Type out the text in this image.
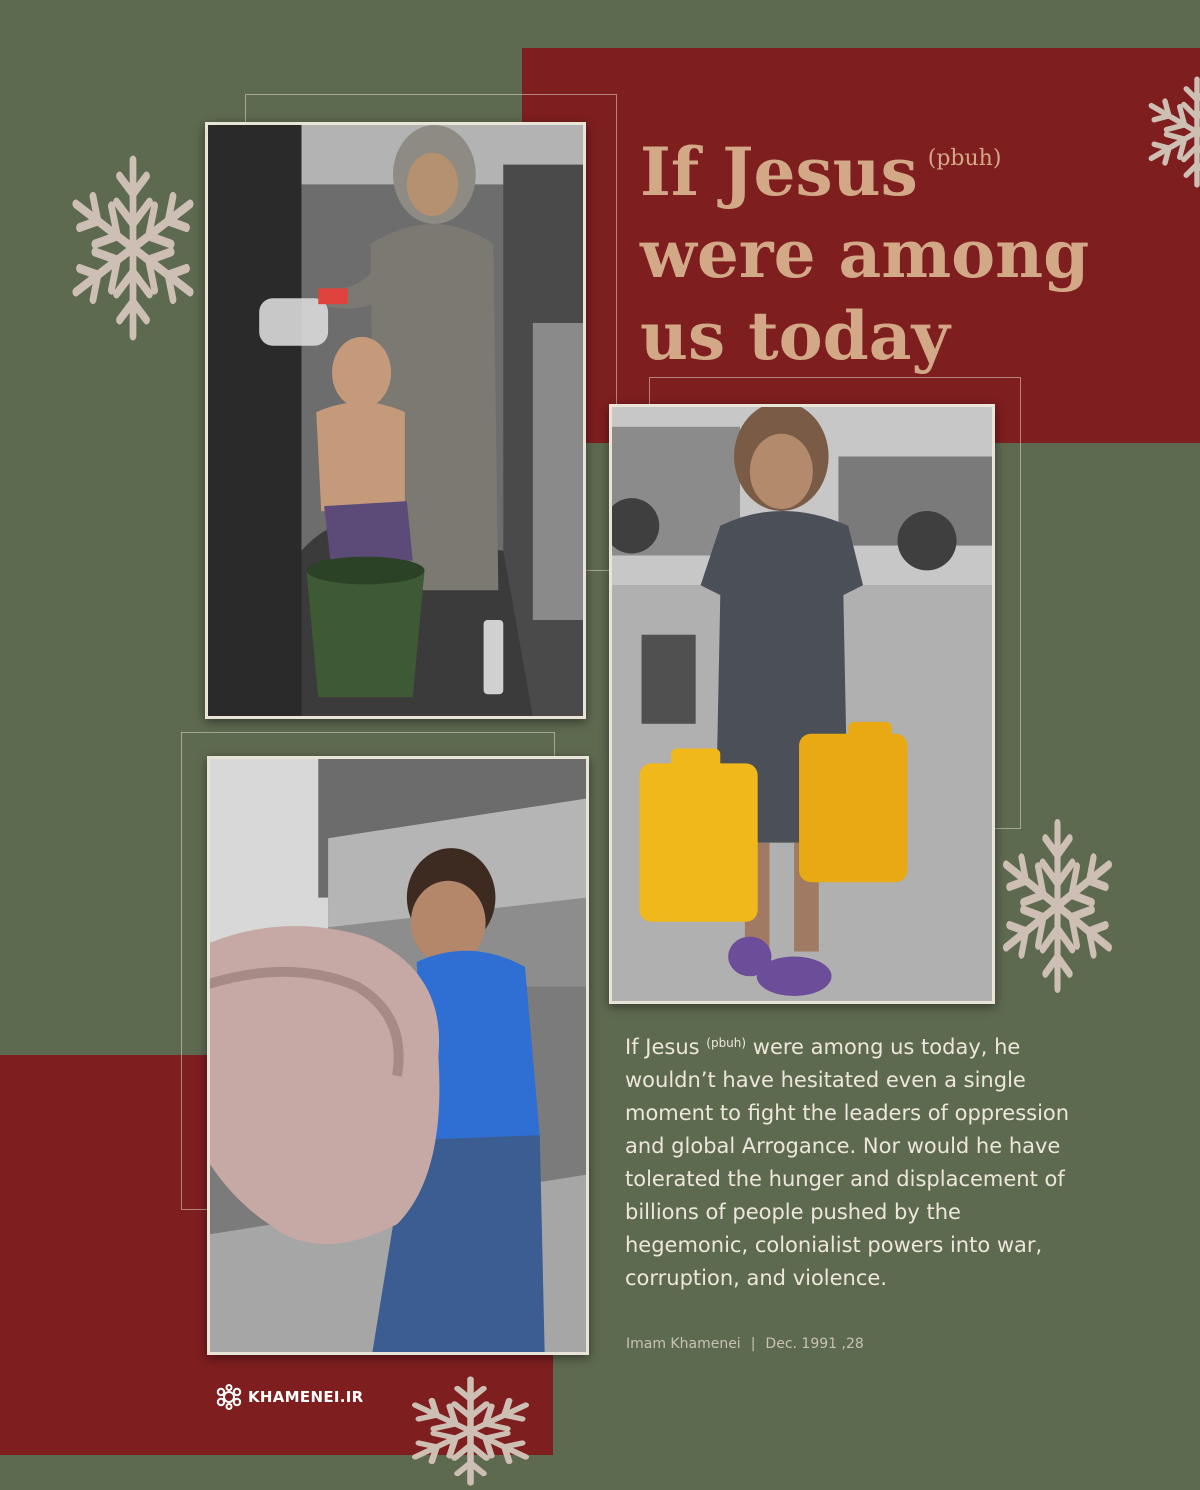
If Jesus $^{(pbuh)}$
were among
us today

If Jesus $^{(pbuh)}$ were among us today, he wouldn’t have hesitated even a single moment to fight the leaders of oppression and global Arrogance. Nor would he have tolerated the hunger and displacement of billions of people pushed by the hegemonic, colonialist powers into war, corruption, and violence.

Imam Khamenei | Dec. 1991 ,28
KHAMENEI.IR
